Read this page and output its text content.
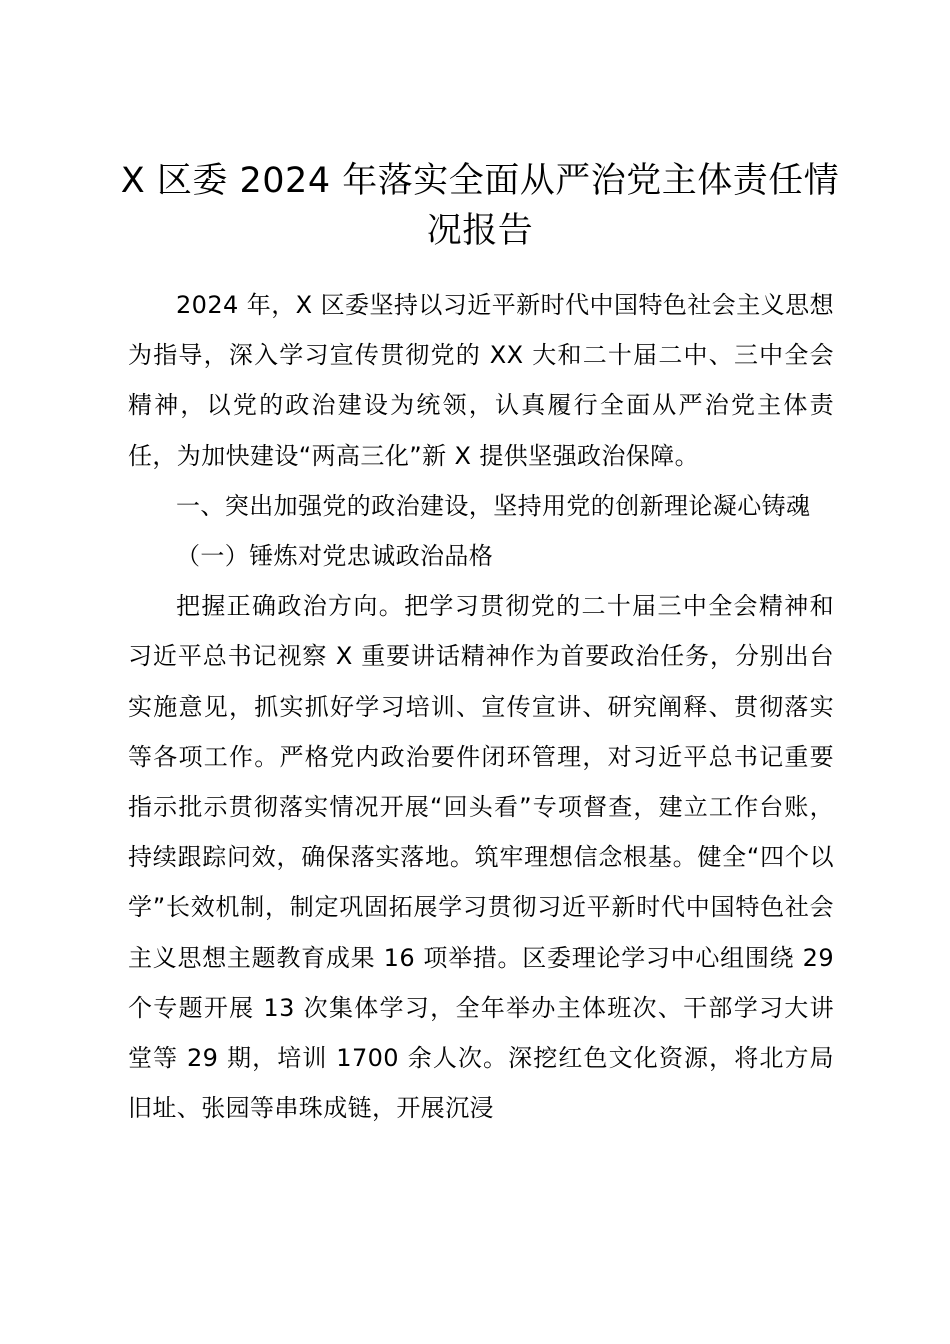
X 区委 2024 年落实全面从严治党主体责任情况报告

2024 年，X 区委坚持以习近平新时代中国特色社会主义思想为指导，深入学习宣传贯彻党的 XX 大和二十届二中、三中全会精神，以党的政治建设为统领，认真履行全面从严治党主体责任，为加快建设“两高三化”新 X 提供坚强政治保障。

一、突出加强党的政治建设，坚持用党的创新理论凝心铸魂

（一）锤炼对党忠诚政治品格

把握正确政治方向。把学习贯彻党的二十届三中全会精神和习近平总书记视察 X 重要讲话精神作为首要政治任务，分别出台实施意见，抓实抓好学习培训、宣传宣讲、研究阐释、贯彻落实等各项工作。严格党内政治要件闭环管理，对习近平总书记重要指示批示贯彻落实情况开展“回头看”专项督查，建立工作台账，持续跟踪问效，确保落实落地。筑牢理想信念根基。健全“四个以学”长效机制，制定巩固拓展学习贯彻习近平新时代中国特色社会主义思想主题教育成果 16 项举措。区委理论学习中心组围绕 29 个专题开展 13 次集体学习，全年举办主体班次、干部学习大讲堂等 29 期，培训 1700 余人次。深挖红色文化资源，将北方局旧址、张园等串珠成链，开展沉浸
